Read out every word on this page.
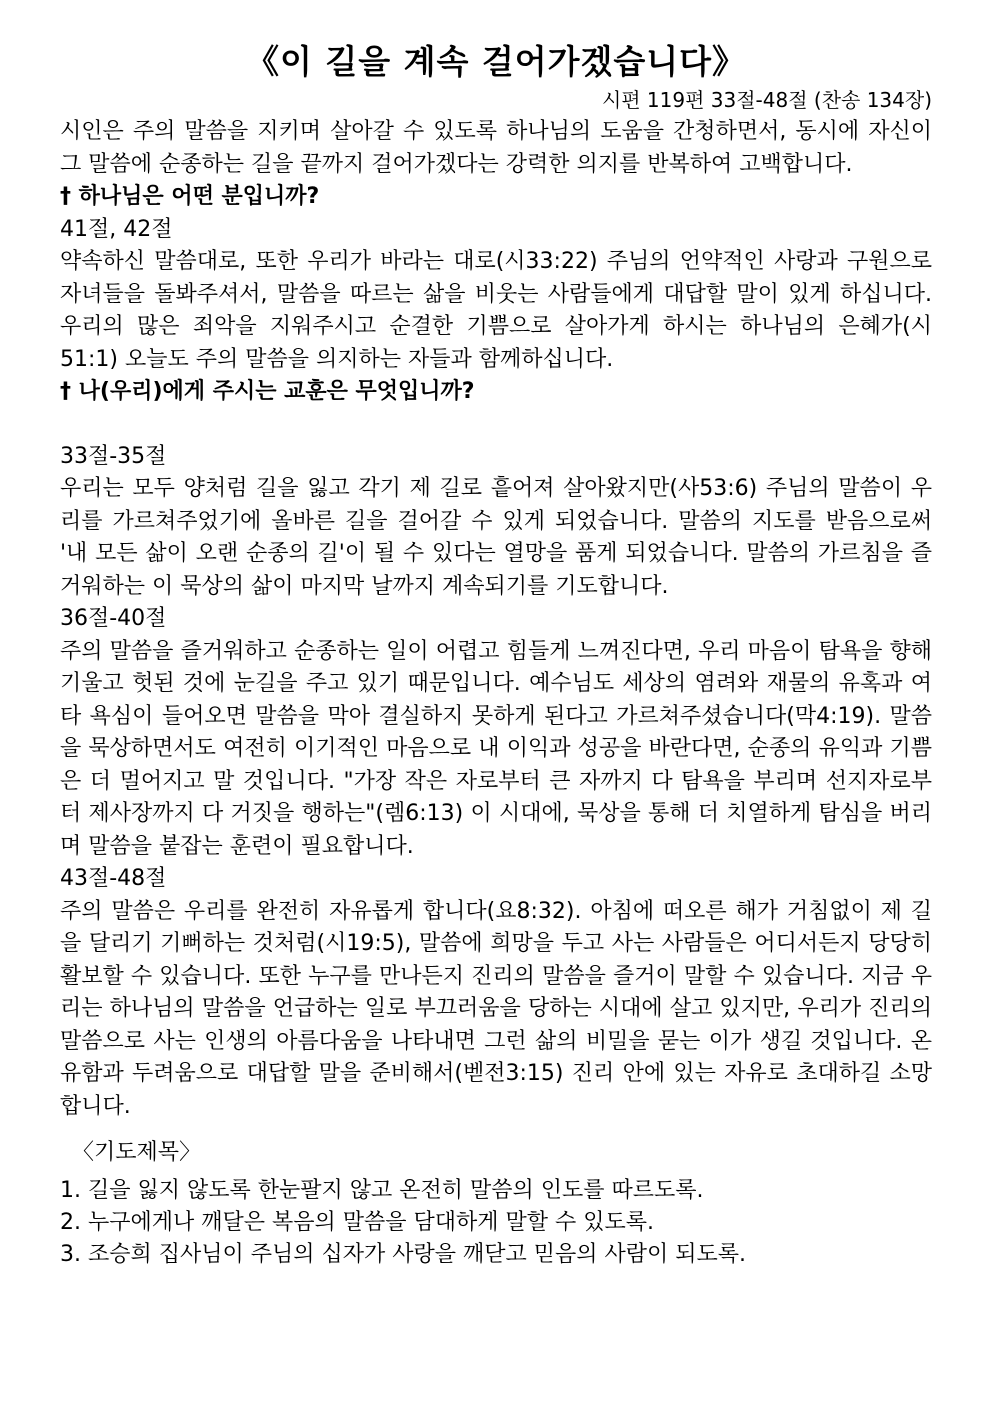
《이 길을 계속 걸어가겠습니다》

시편 119편 33절-48절 (찬송 134장)

시인은 주의 말씀을 지키며 살아갈 수 있도록 하나님의 도움을 간청하면서, 동시에 자신이 그 말씀에 순종하는 길을 끝까지 걸어가겠다는 강력한 의지를 반복하여 고백합니다.

† 하나님은 어떤 분입니까?

41절, 42절

약속하신 말씀대로, 또한 우리가 바라는 대로(시33:22) 주님의 언약적인 사랑과 구원으로 자녀들을 돌봐주셔서, 말씀을 따르는 삶을 비웃는 사람들에게 대답할 말이 있게 하십니다. 우리의 많은 죄악을 지워주시고 순결한 기쁨으로 살아가게 하시는 하나님의 은혜가(시51:1) 오늘도 주의 말씀을 의지하는 자들과 함께하십니다.

† 나(우리)에게 주시는 교훈은 무엇입니까?

33절-35절

우리는 모두 양처럼 길을 잃고 각기 제 길로 흩어져 살아왔지만(사53:6) 주님의 말씀이 우리를 가르쳐주었기에 올바른 길을 걸어갈 수 있게 되었습니다. 말씀의 지도를 받음으로써 '내 모든 삶이 오랜 순종의 길'이 될 수 있다는 열망을 품게 되었습니다. 말씀의 가르침을 즐거워하는 이 묵상의 삶이 마지막 날까지 계속되기를 기도합니다.

36절-40절

주의 말씀을 즐거워하고 순종하는 일이 어렵고 힘들게 느껴진다면, 우리 마음이 탐욕을 향해 기울고 헛된 것에 눈길을 주고 있기 때문입니다. 예수님도 세상의 염려와 재물의 유혹과 여타 욕심이 들어오면 말씀을 막아 결실하지 못하게 된다고 가르쳐주셨습니다(막4:19). 말씀을 묵상하면서도 여전히 이기적인 마음으로 내 이익과 성공을 바란다면, 순종의 유익과 기쁨은 더 멀어지고 말 것입니다. "가장 작은 자로부터 큰 자까지 다 탐욕을 부리며 선지자로부터 제사장까지 다 거짓을 행하는"(렘6:13) 이 시대에, 묵상을 통해 더 치열하게 탐심을 버리며 말씀을 붙잡는 훈련이 필요합니다.

43절-48절

주의 말씀은 우리를 완전히 자유롭게 합니다(요8:32). 아침에 떠오른 해가 거침없이 제 길을 달리기 기뻐하는 것처럼(시19:5), 말씀에 희망을 두고 사는 사람들은 어디서든지 당당히 활보할 수 있습니다. 또한 누구를 만나든지 진리의 말씀을 즐거이 말할 수 있습니다. 지금 우리는 하나님의 말씀을 언급하는 일로 부끄러움을 당하는 시대에 살고 있지만, 우리가 진리의 말씀으로 사는 인생의 아름다움을 나타내면 그런 삶의 비밀을 묻는 이가 생길 것입니다. 온유함과 두려움으로 대답할 말을 준비해서(벧전3:15) 진리 안에 있는 자유로 초대하길 소망합니다.

〈기도제목〉

1. 길을 잃지 않도록 한눈팔지 않고 온전히 말씀의 인도를 따르도록.
2. 누구에게나 깨달은 복음의 말씀을 담대하게 말할 수 있도록.
3. 조승희 집사님이 주님의 십자가 사랑을 깨닫고 믿음의 사람이 되도록.
